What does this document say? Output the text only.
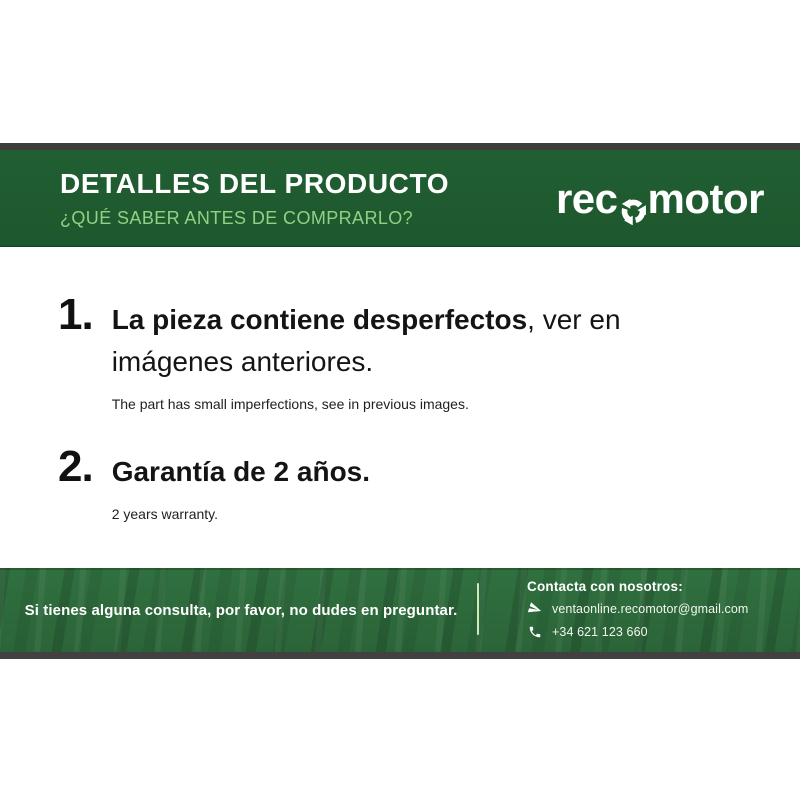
DETALLES DEL PRODUCTO
¿QUÉ SABER ANTES DE COMPRARLO?	rec motor
1. La pieza contiene desperfectos, ver en imágenes anteriores.

The part has small imperfections, see in previous images.

2. Garantía de 2 años.

2 years warranty.

Si tienes alguna consulta, por favor, no dudes en preguntar.
Contacta con nosotros:
ventaonline.recomotor@gmail.com
+34 621 123 660
